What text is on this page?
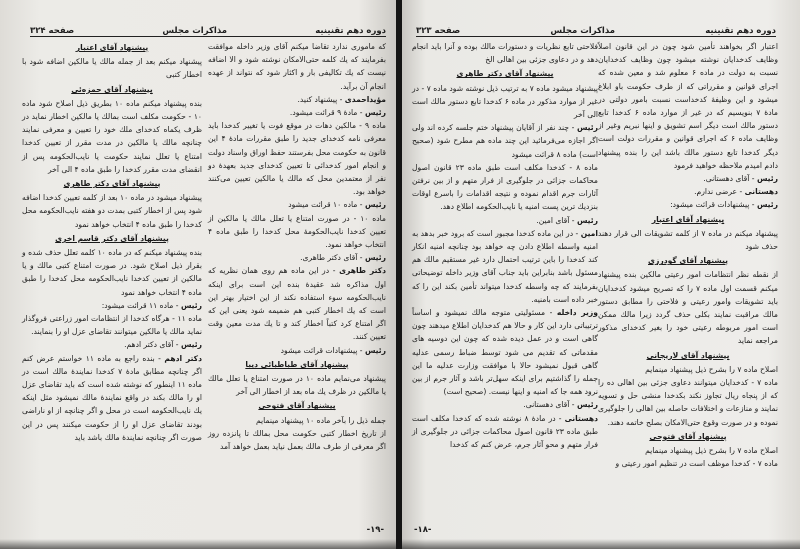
دوره دهم تقنینیه
مذاکرات مجلس
صفحه ۳۲۴
که ماموری ندارد تقاضا میکنم آقای وزیر داخله موافقت بفرمایند که یك کلمه حتی‌الامکان نوشته شود و الا اضافه نیست که یك تکالیفی بار و اکثار شود که نتواند از عهده انجام آن برآید.
مؤیداحمدی - پیشنهاد کنید.
رئیس - مادهٔ ۹ قرائت میشود.
ماده ۹ - مالکین دهات در موقع فوت یا تغییر کدخدا باید معرفی نامه کدخدای جدید را طبق مقررات مادهٔ ۴ این قانون به حکومت محل بفرستند حفظ اوراق واسناد دولت و انجام امور کدخدائی تا تعیین کدخدای جدید بعهدهٔ دو نفر از معتمدین محل که مالك یا مالکین تعیین می‌کنند خواهد بود.
رئیس - ماده ۱۰ قرائت میشود
ماده ۱۰ - در صورت امتناع یا تعلل مالك یا مالکین از تعیین کدخدا نایب‌الحکومهٔ محل کدخدا را طبق ماده ۴ انتخاب خواهد نمود.
رئیس - آقای دکتر طاهری.
دکتر طاهری - در این ماده هم روی همان نظریه که اول مذاکره شد عقیدهٔ بنده این است برای اینکه نایب‌الحکومه سوء استفاده نکند از این اختیار بهتر این است که یك اخطار کتبی هم ضمیمه شود یعنی این که اگر امتناع کرد کتباً اخطار کند و تا یك مدت معین وقت تعیین کنند.
رئیس - پیشنهادات قرائت میشود
پیشنهاد آقای طباطبائی دیبا
پیشنهاد می‌نمایم ماده ۱۰ در صورت امتناع یا تعلل مالك یا مالکین در ظرف یك ماه بعد از اخطار الی آخر
پیشنهاد آقای فتوحی
جمله ذیل را بآخر ماده ۱۰ پیشنهاد مینمایم
از تاریخ اخطار کتبی حکومت محل بمالك تا پانزده روز اگر معرفی از طرف مالك بعمل نیاید بعمل خواهد آمد
پیشنهاد آقای اعتبار
پیشنهاد میکنم بعد از جمله مالك یا مالکین اضافه شود با اخطار کتبی
پیشنهاد آقای حمزه‌ئی
بنده پیشنهاد میکنم ماده ۱۰ بطریق ذیل اصلاح شود ماده ۱۰ - حکومت مکلف است بمالك یا مالکین اخطار نماید در ظرف یکماه کدخدای ملك خود را تعیین و معرفی نمایند چنانچه مالك یا مالکین در مدت مقرر از تعیین کدخدا امتناع یا تعلل نمایند حکومت یا نایب‌الحکومه پس از انقضای مدت مقرر کدخدا را طبق ماده ۴ الی آخر
پیشنهاد آقای دکتر طاهری
پیشنهاد میشود در ماده ۱۰ بعد از کلمه تعیین کدخدا اضافه شود پس از اخطار کتبی بمدت دو هفته نایب‌الحکومه محل کدخدا را طبق ماده ۴ انتخاب خواهد نمود
پیشنهاد آقای دکتر قاسم اخری
بنده پیشنهاد میکنم که در ماده ۱۰ کلمه تعلل حذف شده و بقرار ذیل اصلاح شود. در صورت امتناع کتبی مالك و یا مالکین از تعیین کدخدا نایب‌الحکومه محل کدخدا را طبق ماده ۴ انتخاب خواهد نمود
رئیس - ماده ۱۱ قرائت میشود:
ماده ۱۱ - هرگاه کدخدا از انتظامات امور زراعتی فروگذار نماید مالك یا مالکین میتوانند تقاضای عزل او را بنمایند.
رئیس - آقای دکتر ادهم.
دکتر ادهم - بنده راجع به ماده ۱۱ خواستم عرض کنم اگر چنانچه مطابق مادهٔ ۷ کدخدا نمایندهٔ مالك است در ماده ۱۱ اینطور که نوشته شده است که باید تقاضای عزل او را مالك بکند در واقع نمایندهٔ مالك نمیشود مثل اینکه یك نایب‌الحکومه است در محل و اگر چنانچه از او ناراضی بودند تقاضای عزل او را از حکومت میکنند پس در این صورت اگر چنانچه نمایندهٔ مالك باشد باید
-۱۹-
دوره دهم تقنینیه
مذاکرات مجلس
صفحه ۳۲۳
اعتبار اگر بخواهند تأمین شود چون در این قانون اصلاً وظایف کدخدایان نوشته میشود چون وظایف کدخدایان نسبت به دولت در ماده ۶ معلوم شد و معین شده که اجرای قوانین و مقرراتی که از طرف حکومت باو ابلاغ میشود و این وظیفهٔ کدخداست نسبت بامور دولتی در مادهٔ ۷ بنویسیم که در غیر از موارد ماده ۶ کدخدا تابع دستور مالك است دیگر اسم تشویق و اینها نبریم وغیر از وظایف ماده ۶ که اجرای قوانین و مقررات دولت است دیگر کدخدا تابع دستور مالك باشد این را بنده پیشنهاد دادم امیدم ملاحظه خواهید فرمود
رئیس - آقای دهستانی.
دهستانی - عرضی ندارم.
رئیس - پیشنهادات قرائت میشود:
پیشنهاد آقای اعتبار
پیشنهاد میکنم در ماده ۷ از کلمه تشویقات الی قرار دهند حذف شود
پیشنهاد آقای گودرزی
از نقطه نظر انتظامات امور رعیتی مالکین بنده پیشنهاد میکنم قسمت اول ماده ۷ را که تصریح میشود کدخدایان باید تشویقات وامور رعیتی و فلاحتی را مطابق دستور مالك مراقبت نمایند بکلی حذف گردد زیرا مالك ممکن است امور مربوطه رعیتی خود را بغیر کدخدای مذکور مراجعه نماید
پیشنهاد آقای لاریجانی
اصلاح ماده ۷ را بشرح ذیل پیشنهاد مینمایم
ماده ۷ - کدخدایان میتوانند دعاوی جزئی بین اهالی ده را که از پنجاه ریال تجاوز نکند بکدخدا منشی حل و تسویه نمایند و منازعات و اختلافات حاصله بین اهالی را جلوگیری نموده و در صورت وقوع حتی‌الامکان بصلح خاتمه دهند.
پیشنهاد آقای فتوحی
اصلاح ماده ۷ را بشرح ذیل پیشنهاد مینمایم
ماده ۷ - کدخدا موظف است در تنظیم امور رعیتی و
فلاحتی تابع نظریات و دستورات مالك بوده و آنرا باید انجام دهد و در دعاوی جزئی بین اهالی الخ
پیشنهاد آقای دکتر طاهری
پیشنهاد میشود ماده ۷ به ترتیب ذیل نوشته شود ماده ۷ - در غیر از موارد مذکور در ماده ۶ کدخدا تابع دستور مالك است الی آخر
رئیس - چند نفر از آقایان پیشنهاد ختم جلسه کرده اند ولی اگر اجازه می‌فرمائید این چند ماده هم مطرح شود (صحیح است) ماده ۸ قرائت میشود
ماده ۸ - کدخدا مکلف است طبق ماده ۲۳ قانون اصول محاکمات جزائی در جلوگیری از فرار متهم و از بین نرفتن آثارات جرم اقدام نموده و نتیجه اقدامات را باسرع اوقات بنزدیك ترین پست امنیه یا نایب‌الحکومه اطلاع دهد.
رئیس - آقای امین.
امین - در این ماده کدخدا مجبور است که برود خبر بدهد به امنیه واسطه اطلاع دادن چه خواهد بود چنانچه امنیه انکار کند کدخدا را باین ترتیب احتمال دارد غیر مستقیم مالك هم مسئول باشد بنابراین باید جناب آقای وزیر داخله توضیحاتی بفرمایند که چه واسطه کدخدا میتواند تأمین بکند این را که خبر داده است بامنیه.
وزیر داخله - مسئولیتی متوجه مالك نمیشود و اساساً ترتیباتی دارد این کار و حالا هم کدخدایان اطلاع میدهند چون گاهی است و در عمل دیده شده که چون این دوسیه های مقدماتی که تقدیم می شود توسط ضباط رسمی عدلیه گاهی قبول نمیشود حالا با موافقت وزارت عدلیه ما این جمله را گذاشتیم برای اینکه سهل‌تر باشد و آثار جرم از بین نرود همه جا که امنیه و اینها نیست. (صحیح است)
رئیس - آقای دهستانی.
دهستانی - در مادهٔ ۸ نوشته شده که کدخدا مکلف است طبق ماده ۲۳ قانون اصول محاکمات جزائی در جلوگیری از فرار متهم و محو آثار جرم، عرض کنم که کدخدا
-۱۸-
